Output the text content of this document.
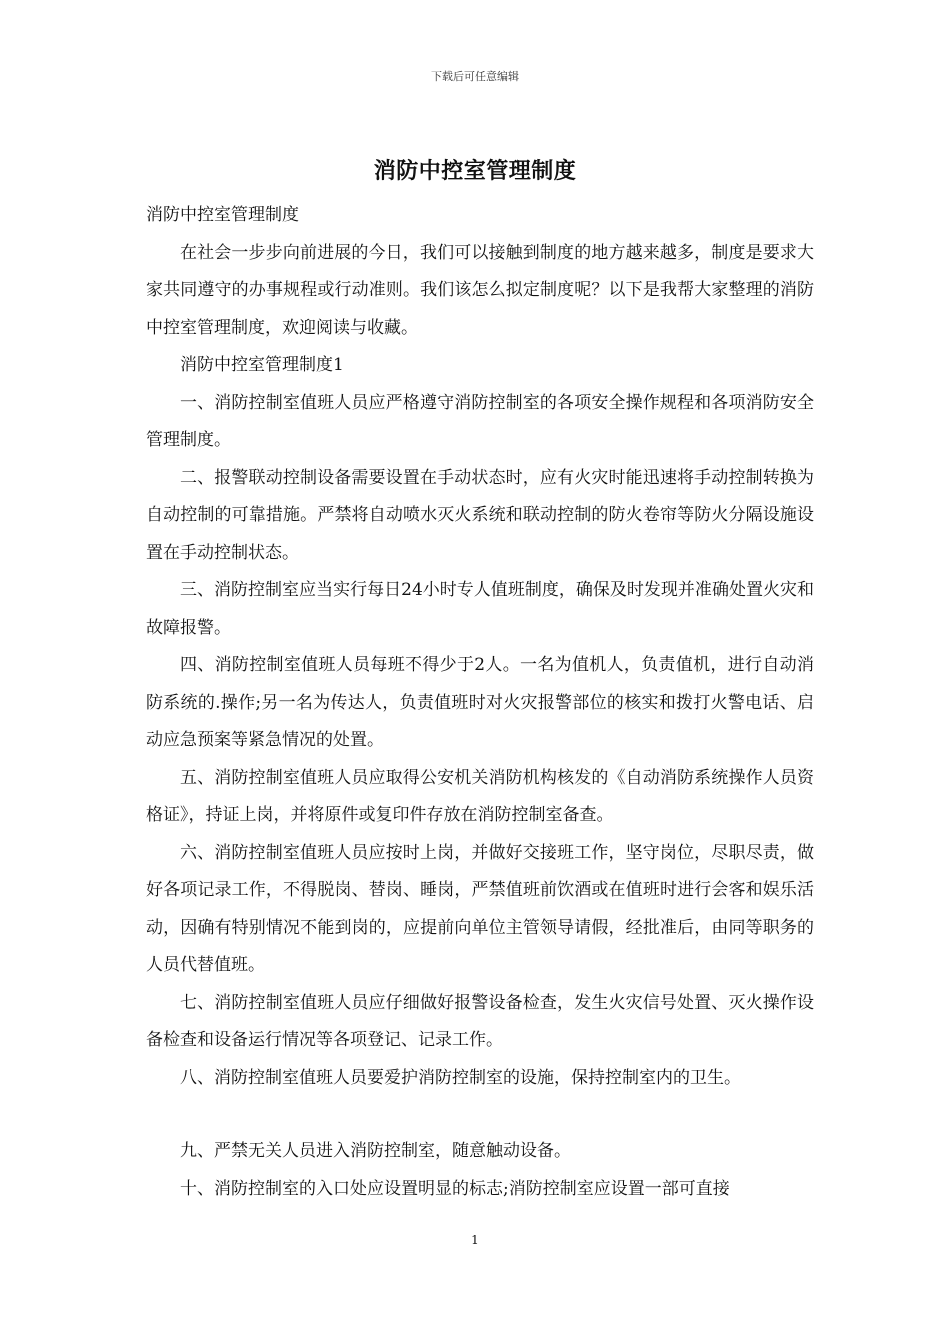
下载后可任意编辑
消防中控室管理制度

消防中控室管理制度

在社会一步步向前进展的今日，我们可以接触到制度的地方越来越多，制度是要求大家共同遵守的办事规程或行动准则。我们该怎么拟定制度呢？以下是我帮大家整理的消防中控室管理制度，欢迎阅读与收藏。

消防中控室管理制度1

一、消防控制室值班人员应严格遵守消防控制室的各项安全操作规程和各项消防安全管理制度。

二、报警联动控制设备需要设置在手动状态时，应有火灾时能迅速将手动控制转换为自动控制的可靠措施。严禁将自动喷水灭火系统和联动控制的防火卷帘等防火分隔设施设置在手动控制状态。

三、消防控制室应当实行每日24小时专人值班制度，确保及时发现并准确处置火灾和故障报警。

四、消防控制室值班人员每班不得少于2人。一名为值机人，负责值机，进行自动消防系统的.操作;另一名为传达人，负责值班时对火灾报警部位的核实和拨打火警电话、启动应急预案等紧急情况的处置。

五、消防控制室值班人员应取得公安机关消防机构核发的《自动消防系统操作人员资格证》，持证上岗，并将原件或复印件存放在消防控制室备查。

六、消防控制室值班人员应按时上岗，并做好交接班工作，坚守岗位，尽职尽责，做好各项记录工作，不得脱岗、替岗、睡岗，严禁值班前饮酒或在值班时进行会客和娱乐活动，因确有特别情况不能到岗的，应提前向单位主管领导请假，经批准后，由同等职务的人员代替值班。

七、消防控制室值班人员应仔细做好报警设备检查，发生火灾信号处置、灭火操作设备检查和设备运行情况等各项登记、记录工作。

八、消防控制室值班人员要爱护消防控制室的设施，保持控制室内的卫生。

九、严禁无关人员进入消防控制室，随意触动设备。

十、消防控制室的入口处应设置明显的标志;消防控制室应设置一部可直接

1
